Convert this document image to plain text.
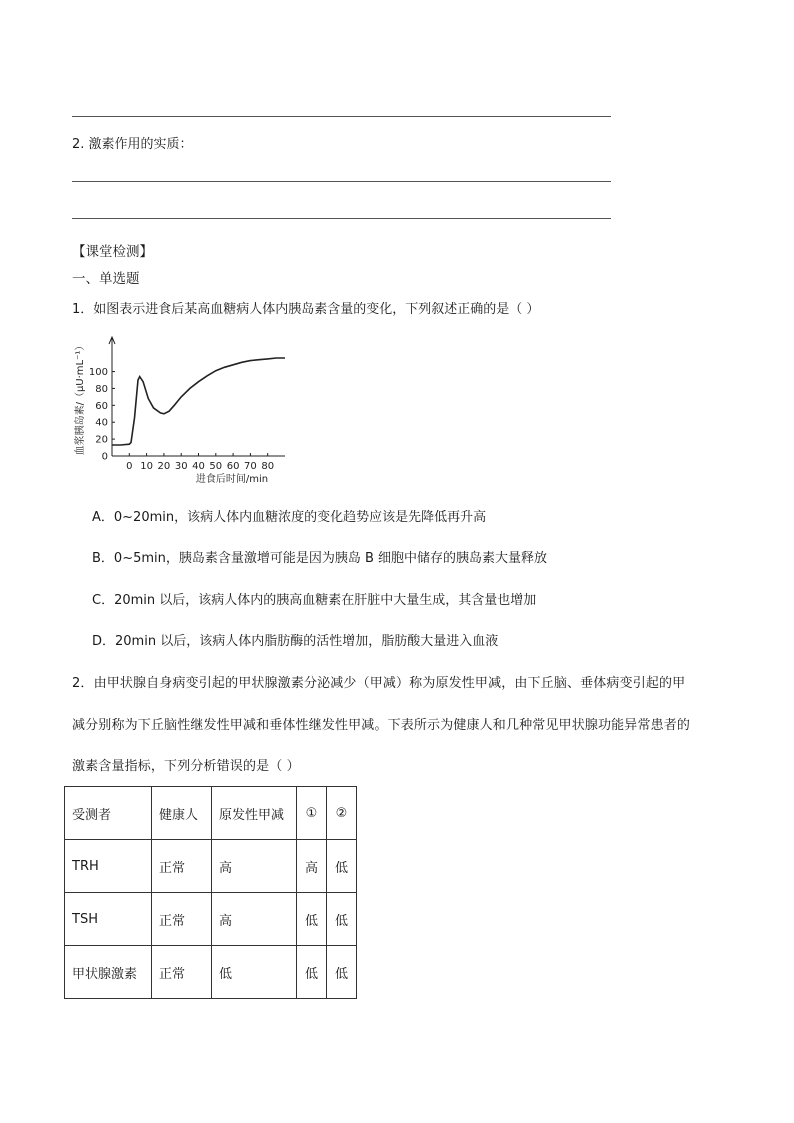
2. 激素作用的实质：
【课堂检测】
一、单选题
1．如图表示进食后某高血糖病人体内胰岛素含量的变化，下列叙述正确的是（ ）
0
20
40
60
80
100
0 10 20 30 40 50 60 70 80
血浆胰岛素/（μU·mL⁻¹）
进食后时间/min
A．0~20min，该病人体内血糖浓度的变化趋势应该是先降低再升高
B．0~5min，胰岛素含量激增可能是因为胰岛 B 细胞中储存的胰岛素大量释放
C．20min 以后，该病人体内的胰高血糖素在肝脏中大量生成，其含量也增加
D．20min 以后，该病人体内脂肪酶的活性增加，脂肪酸大量进入血液
2．由甲状腺自身病变引起的甲状腺激素分泌减少（甲减）称为原发性甲减，由下丘脑、垂体病变引起的甲
减分别称为下丘脑性继发性甲减和垂体性继发性甲减。下表所示为健康人和几种常见甲状腺功能异常患者的
激素含量指标，下列分析错误的是（ ）
受测者	健康人	原发性甲减	①	②
TRH	正常	高	高	低
TSH	正常	高	低	低
甲状腺激素	正常	低	低	低
